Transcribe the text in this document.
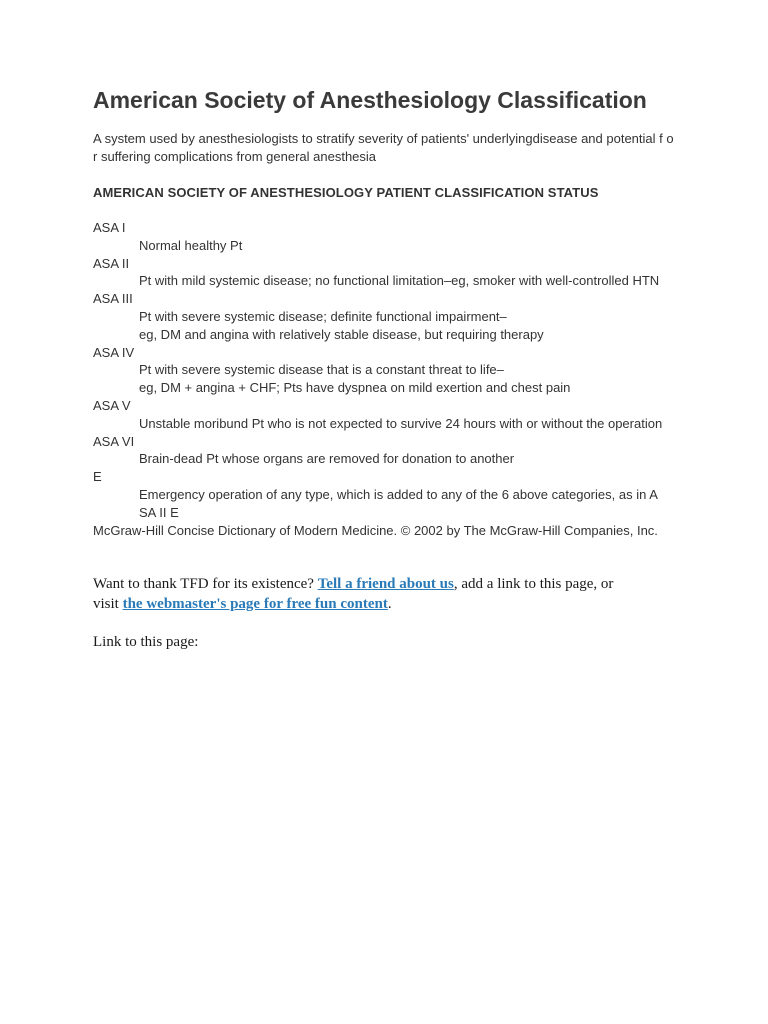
American Society of Anesthesiology Classification
A system used by anesthesiologists to stratify severity of patients' underlyingdisease and potential f or suffering complications from general anesthesia
AMERICAN SOCIETY OF ANESTHESIOLOGY PATIENT CLASSIFICATION STATUS
ASA I
Normal healthy Pt
ASA II
Pt with mild systemic disease; no functional limitation–eg, smoker with well-controlled HTN
ASA III
Pt with severe systemic disease; definite functional impairment–
eg, DM and angina with relatively stable disease, but requiring therapy
ASA IV
Pt with severe systemic disease that is a constant threat to life–
eg, DM + angina + CHF; Pts have dyspnea on mild exertion and chest pain
ASA V
Unstable moribund Pt who is not expected to survive 24 hours with or without the operation
ASA VI
Brain-dead Pt whose organs are removed for donation to another
E
Emergency operation of any type, which is added to any of the 6 above categories, as in A
SA II E
McGraw-Hill Concise Dictionary of Modern Medicine. © 2002 by The McGraw-Hill Companies, Inc.
Want to thank TFD for its existence? Tell a friend about us, add a link to this page, or
visit the webmaster's page for free fun content.
Link to this page:
